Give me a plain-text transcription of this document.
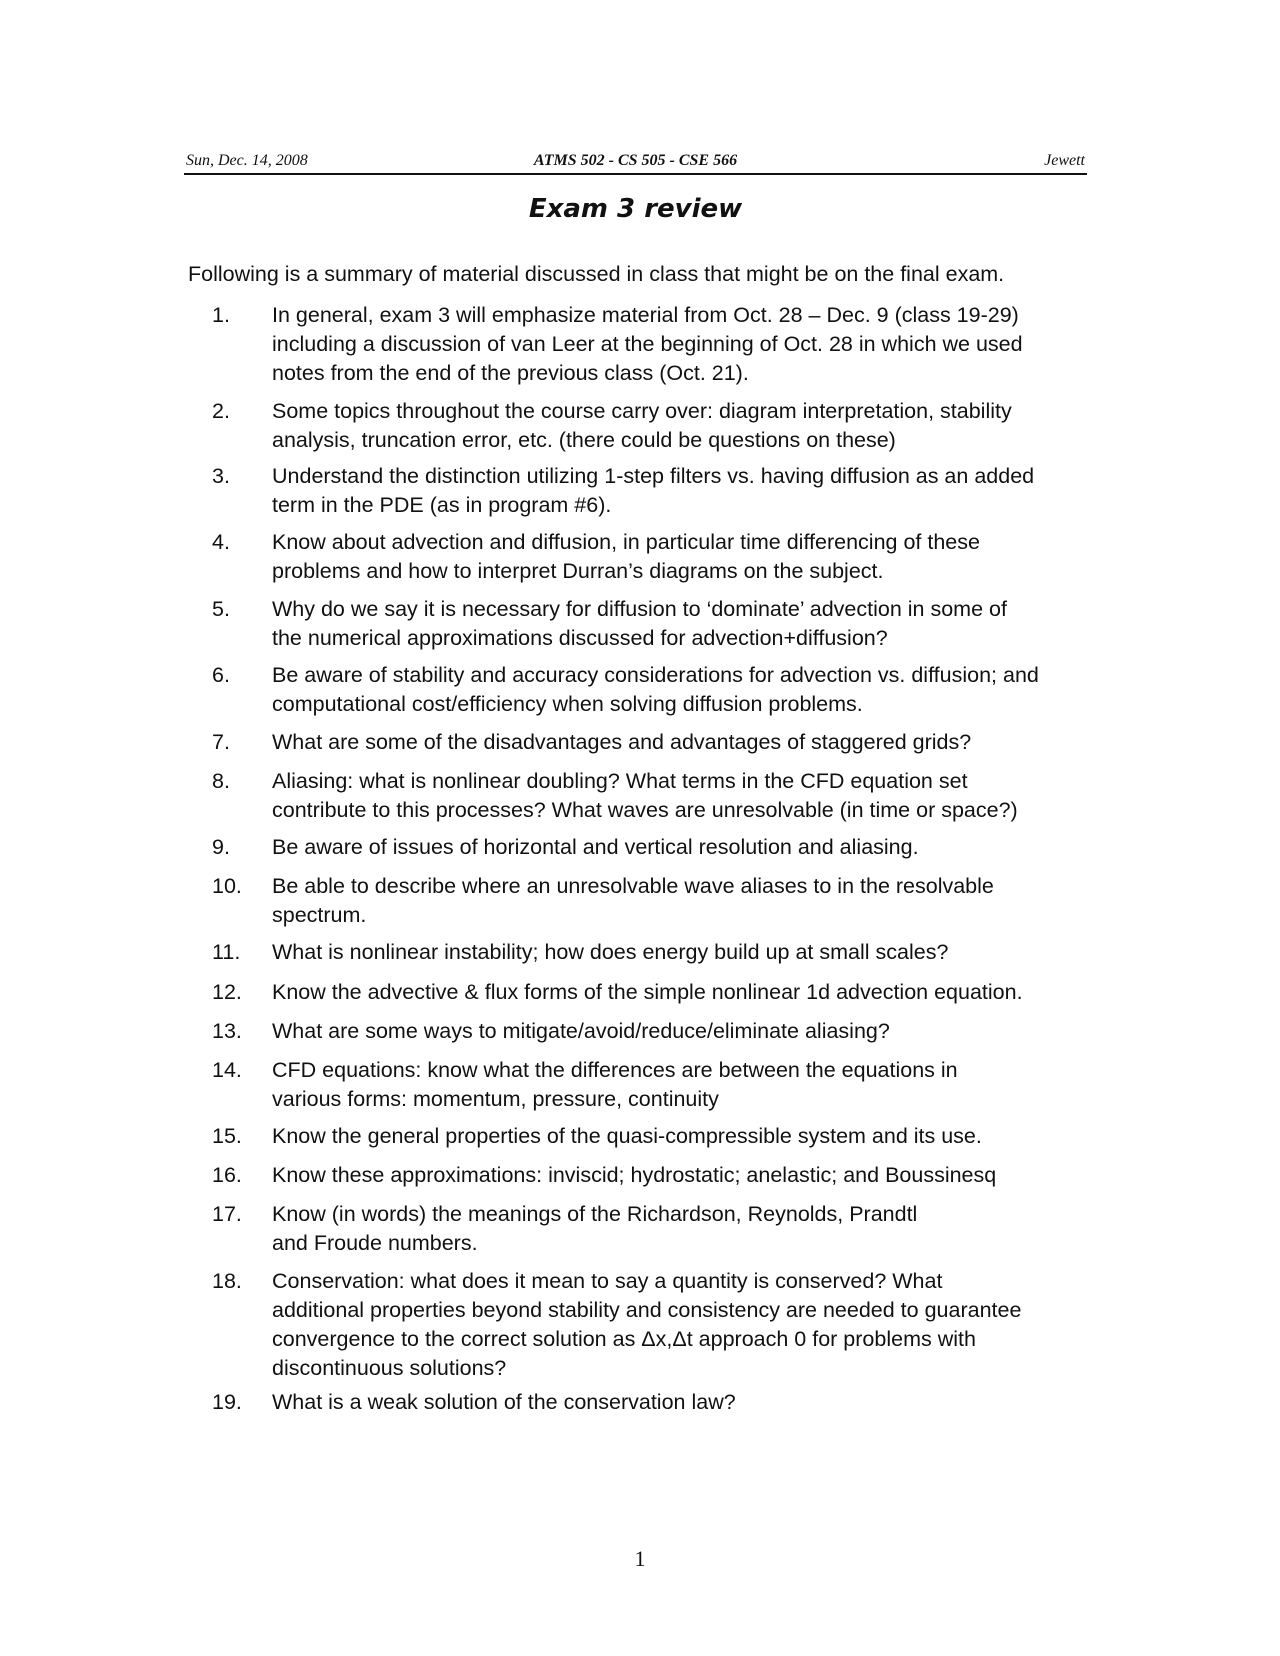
Sun, Dec. 14, 2008	ATMS 502 - CS 505 - CSE 566	Jewett
Exam 3 review
Following is a summary of material discussed in class that might be on the final exam.
1.	In general, exam 3 will emphasize material from Oct. 28 – Dec. 9 (class 19-29)
including a discussion of van Leer at the beginning of Oct. 28 in which we used
notes from the end of the previous class (Oct. 21).
2.	Some topics throughout the course carry over: diagram interpretation, stability
analysis, truncation error, etc. (there could be questions on these)
3.	Understand the distinction utilizing 1-step filters vs. having diffusion as an added
term in the PDE (as in program #6).
4.	Know about advection and diffusion, in particular time differencing of these
problems and how to interpret Durran’s diagrams on the subject.
5.	Why do we say it is necessary for diffusion to ‘dominate’ advection in some of
the numerical approximations discussed for advection+diffusion?
6.	Be aware of stability and accuracy considerations for advection vs. diffusion; and
computational cost/efficiency when solving diffusion problems.
7.	What are some of the disadvantages and advantages of staggered grids?
8.	Aliasing: what is nonlinear doubling? What terms in the CFD equation set
contribute to this processes? What waves are unresolvable (in time or space?)
9.	Be aware of issues of horizontal and vertical resolution and aliasing.
10.	Be able to describe where an unresolvable wave aliases to in the resolvable
spectrum.
11.	What is nonlinear instability; how does energy build up at small scales?
12.	Know the advective & flux forms of the simple nonlinear 1d advection equation.
13.	What are some ways to mitigate/avoid/reduce/eliminate aliasing?
14.	CFD equations: know what the differences are between the equations in
various forms: momentum, pressure, continuity
15.	Know the general properties of the quasi-compressible system and its use.
16.	Know these approximations: inviscid; hydrostatic; anelastic; and Boussinesq
17.	Know (in words) the meanings of the Richardson, Reynolds, Prandtl
and Froude numbers.
18.	Conservation: what does it mean to say a quantity is conserved? What
additional properties beyond stability and consistency are needed to guarantee
convergence to the correct solution as Δx,Δt approach 0 for problems with
discontinuous solutions?
19.	What is a weak solution of the conservation law?
1
